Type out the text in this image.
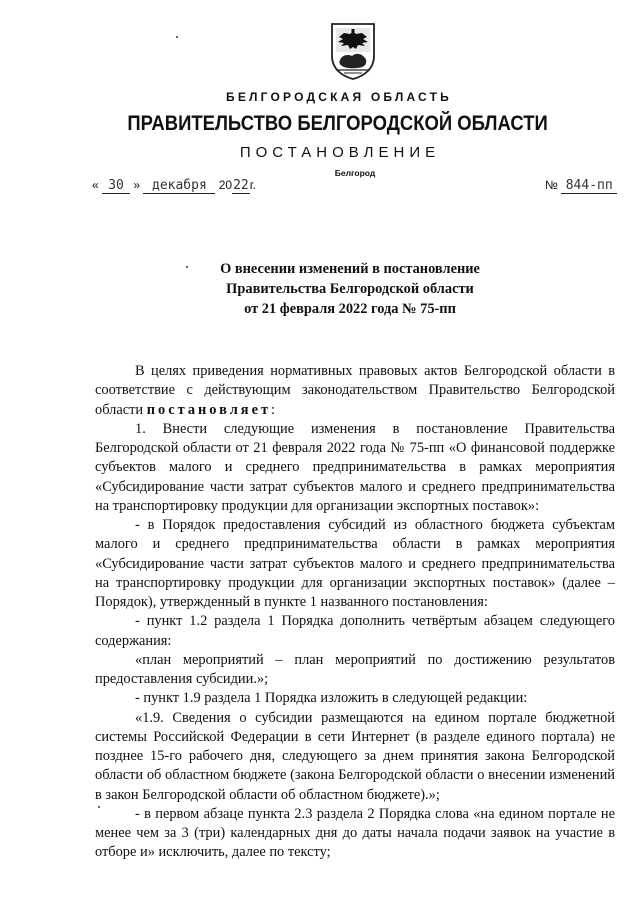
БЕЛГОРОДСКАЯ ОБЛАСТЬ
ПРАВИТЕЛЬСТВО БЕЛГОРОДСКОЙ ОБЛАСТИ
ПОСТАНОВЛЕНИЕ
Белгород
« 30 » декабря 2022г.	№ 844-пп
О внесении изменений в постановление
Правительства Белгородской области
от 21 февраля 2022 года № 75-пп

В целях приведения нормативных правовых актов Белгородской области в соответствие с действующим законодательством Правительство Белгородской области постановляет:

1. Внести следующие изменения в постановление Правительства Белгородской области от 21 февраля 2022 года № 75-пп «О финансовой поддержке субъектов малого и среднего предпринимательства в рамках мероприятия «Субсидирование части затрат субъектов малого и среднего предпринимательства на транспортировку продукции для организации экспортных поставок»:

- в Порядок предоставления субсидий из областного бюджета субъектам малого и среднего предпринимательства области в рамках мероприятия «Субсидирование части затрат субъектов малого и среднего предпринимательства на транспортировку продукции для организации экспортных поставок» (далее – Порядок), утвержденный в пункте 1 названного постановления:

- пункт 1.2 раздела 1 Порядка дополнить четвёртым абзацем следующего содержания:

«план мероприятий – план мероприятий по достижению результатов предоставления субсидии.»;

- пункт 1.9 раздела 1 Порядка изложить в следующей редакции:

«1.9. Сведения о субсидии размещаются на едином портале бюджетной системы Российской Федерации в сети Интернет (в разделе единого портала) не позднее 15-го рабочего дня, следующего за днем принятия закона Белгородской области об областном бюджете (закона Белгородской области о внесении изменений в закон Белгородской области об областном бюджете).»;

- в первом абзаце пункта 2.3 раздела 2 Порядка слова «на едином портале не менее чем за 3 (три) календарных дня до даты начала подачи заявок на участие в отборе и» исключить, далее по тексту;
